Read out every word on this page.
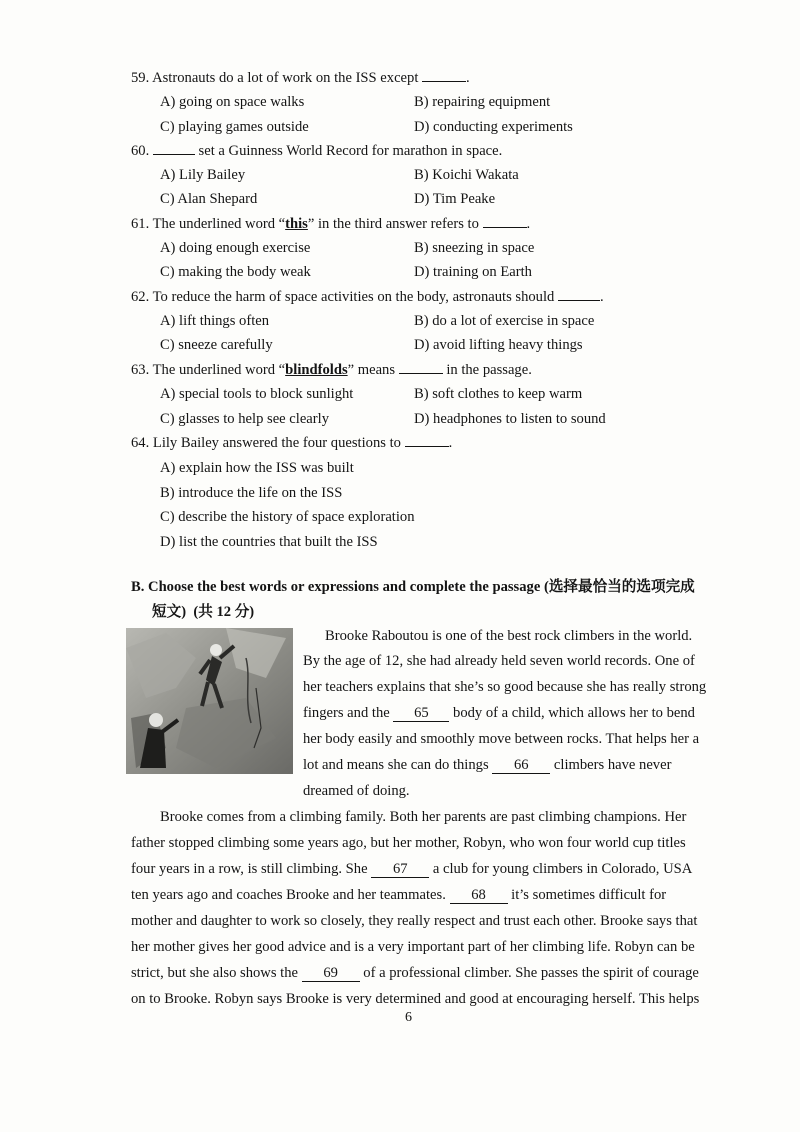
59. Astronauts do a lot of work on the ISS except	.
A) going on space walks	B) repairing equipment
C) playing games outside	D) conducting experiments
60.	set a Guinness World Record for marathon in space.
A) Lily Bailey	B) Koichi Wakata
C) Alan Shepard	D) Tim Peake
61. The underlined word “this” in the third answer refers to	.
A) doing enough exercise	B) sneezing in space
C) making the body weak	D) training on Earth
62. To reduce the harm of space activities on the body, astronauts should	.
A) lift things often	B) do a lot of exercise in space
C) sneeze carefully	D) avoid lifting heavy things
63. The underlined word “blindfolds” means	in the passage.
A) special tools to block sunlight	B) soft clothes to keep warm
C) glasses to help see clearly	D) headphones to listen to sound
64. Lily Bailey answered the four questions to	.
A) explain how the ISS was built
B) introduce the life on the ISS
C) describe the history of space exploration
D) list the countries that built the ISS
B. Choose the best words or expressions and complete the passage (选择最恰当的选项完成
短文)  (共 12 分)
Brooke Raboutou is one of the best rock climbers in the world.
By the age of 12, she had already held seven world records. One of
her teachers explains that she’s so good because she has really strong
fingers and the 65 body of a child, which allows her to bend
her body easily and smoothly move between rocks. That helps her a
lot and means she can do things 66 climbers have never
dreamed of doing.
Brooke comes from a climbing family. Both her parents are past climbing champions. Her
father stopped climbing some years ago, but her mother, Robyn, who won four world cup titles
four years in a row, is still climbing. She 67 a club for young climbers in Colorado, USA
ten years ago and coaches Brooke and her teammates. 68 it’s sometimes difficult for
mother and daughter to work so closely, they really respect and trust each other. Brooke says that
her mother gives her good advice and is a very important part of her climbing life. Robyn can be
strict, but she also shows the 69 of a professional climber. She passes the spirit of courage
on to Brooke. Robyn says Brooke is very determined and good at encouraging herself. This helps
6
